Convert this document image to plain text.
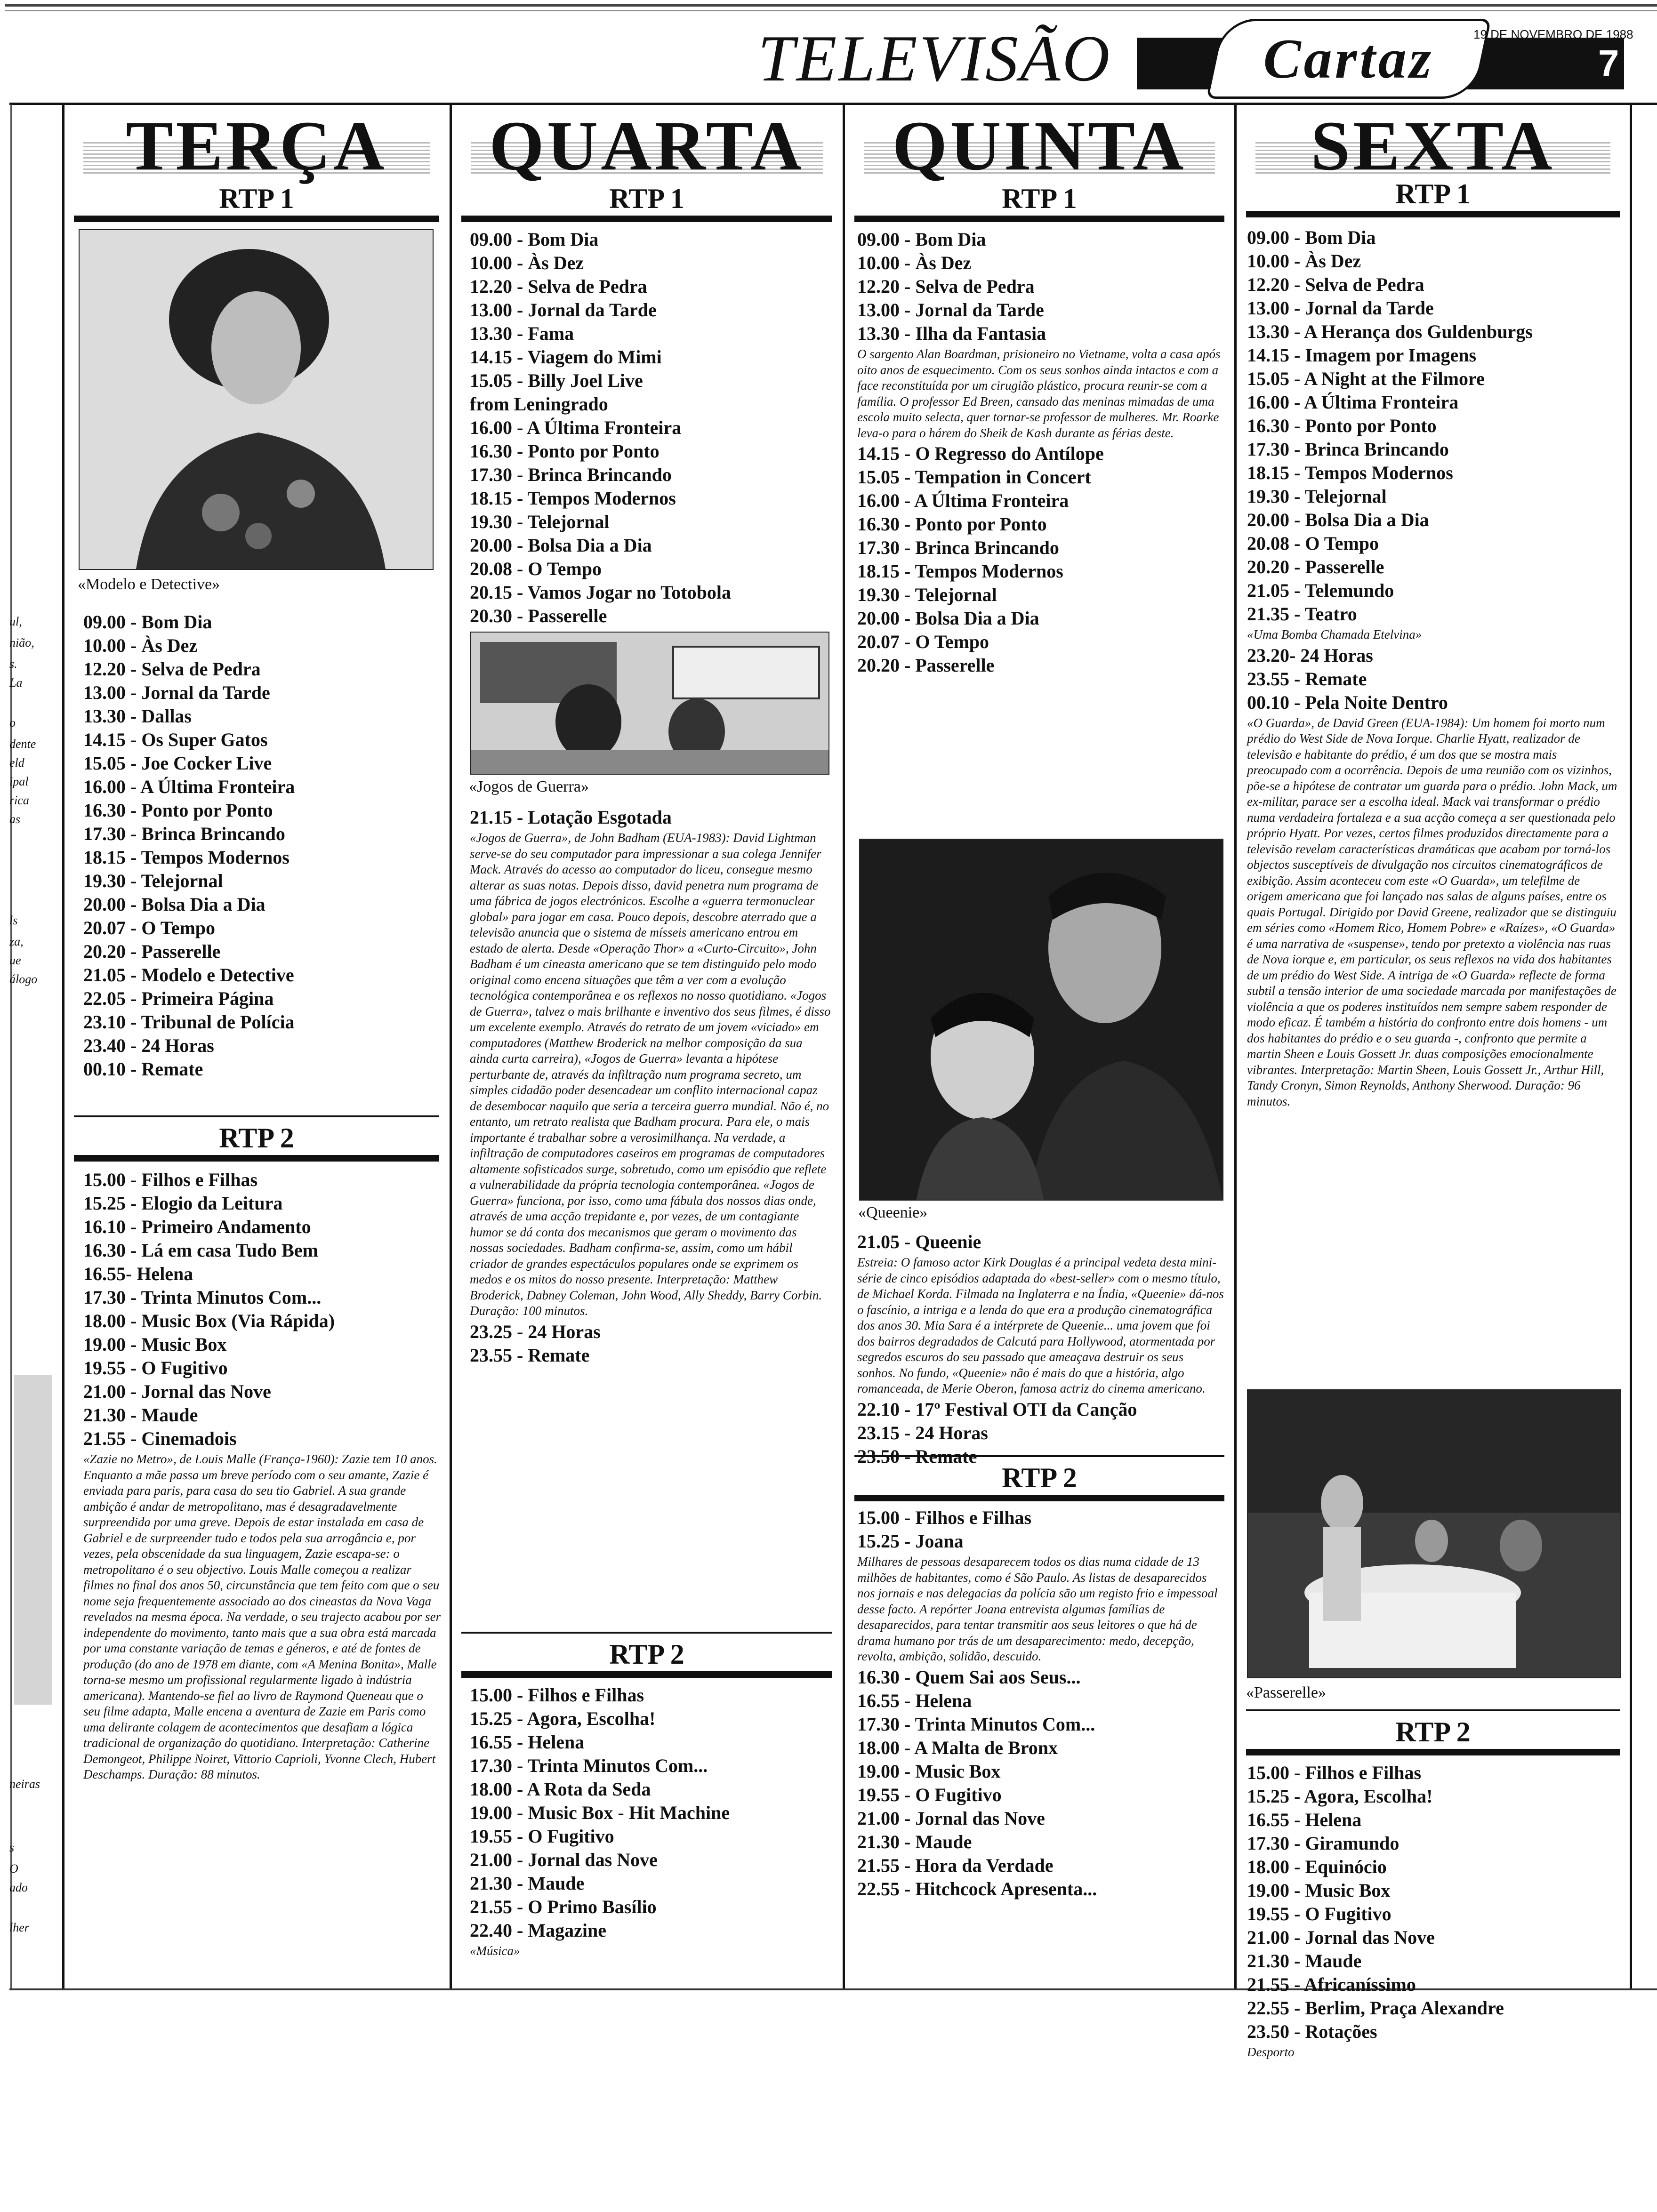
TELEVISÃO	Cartaz	19 DE NOVEMBRO DE 1988
7
ul,
nião,
s.
La
o
dente
eld
ipal
rica
as
ls
za,
ue
álogo
neiras
s
O
ado
lher
TERÇA
RTP 1
«Modelo e Detective»
09.00 - Bom Dia
10.00 - Às Dez
12.20 - Selva de Pedra
13.00 - Jornal da Tarde
13.30 - Dallas
14.15 - Os Super Gatos
15.05 - Joe Cocker Live
16.00 - A Última Fronteira
16.30 - Ponto por Ponto
17.30 - Brinca Brincando
18.15 - Tempos Modernos
19.30 - Telejornal
20.00 - Bolsa Dia a Dia
20.07 - O Tempo
20.20 - Passerelle
21.05 - Modelo e Detective
22.05 - Primeira Página
23.10 - Tribunal de Polícia
23.40 - 24 Horas
00.10 - Remate
RTP 2
15.00 - Filhos e Filhas
15.25 - Elogio da Leitura
16.10 - Primeiro Andamento
16.30 - Lá em casa Tudo Bem
16.55- Helena
17.30 - Trinta Minutos Com...
18.00 - Music Box (Via Rápida)
19.00 - Music Box
19.55 - O Fugitivo
21.00 - Jornal das Nove
21.30 - Maude
21.55 - Cinemadois
«Zazie no Metro», de Louis Malle (França-1960): Zazie tem 10 anos. Enquanto a mãe passa um breve período com o seu amante, Zazie é enviada para paris, para casa do seu tio Gabriel. A sua grande ambição é andar de metropolitano, mas é desagradavelmente surpreendida por uma greve. Depois de estar instalada em casa de Gabriel e de surpreender tudo e todos pela sua arrogância e, por vezes, pela obscenidade da sua linguagem, Zazie escapa-se: o metropolitano é o seu objectivo. Louis Malle começou a realizar filmes no final dos anos 50, circunstância que tem feito com que o seu nome seja frequentemente associado ao dos cineastas da Nova Vaga revelados na mesma época. Na verdade, o seu trajecto acabou por ser independente do movimento, tanto mais que a sua obra está marcada por uma constante variação de temas e géneros, e até de fontes de produção (do ano de 1978 em diante, com «A Menina Bonita», Malle torna-se mesmo um profissional regularmente ligado à indústria americana). Mantendo-se fiel ao livro de Raymond Queneau que o seu filme adapta, Malle encena a aventura de Zazie em Paris como uma delirante colagem de acontecimentos que desafiam a lógica tradicional de organização do quotidiano. Interpretação: Catherine Demongeot, Philippe Noiret, Vittorio Caprioli, Yvonne Clech, Hubert Deschamps. Duração: 88 minutos.
QUARTA
RTP 1
09.00 - Bom Dia
10.00 - Às Dez
12.20 - Selva de Pedra
13.00 - Jornal da Tarde
13.30 - Fama
14.15 - Viagem do Mimi
15.05 - Billy Joel Live
from Leningrado
16.00 - A Última Fronteira
16.30 - Ponto por Ponto
17.30 - Brinca Brincando
18.15 - Tempos Modernos
19.30 - Telejornal
20.00 - Bolsa Dia a Dia
20.08 - O Tempo
20.15 - Vamos Jogar no Totobola
20.30 - Passerelle
«Jogos de Guerra»
21.15 - Lotação Esgotada
«Jogos de Guerra», de John Badham (EUA-1983): David Lightman serve-se do seu computador para impressionar a sua colega Jennifer Mack. Através do acesso ao computador do liceu, consegue mesmo alterar as suas notas. Depois disso, david penetra num programa de uma fábrica de jogos electrónicos. Escolhe a «guerra termonuclear global» para jogar em casa. Pouco depois, descobre aterrado que a televisão anuncia que o sistema de mísseis americano entrou em estado de alerta. Desde «Operação Thor» a «Curto-Circuito», John Badham é um cineasta americano que se tem distinguido pelo modo original como encena situações que têm a ver com a evolução tecnológica contemporânea e os reflexos no nosso quotidiano. «Jogos de Guerra», talvez o mais brilhante e inventivo dos seus filmes, é disso um excelente exemplo. Através do retrato de um jovem «viciado» em computadores (Matthew Broderick na melhor composição da sua ainda curta carreira), «Jogos de Guerra» levanta a hipótese perturbante de, através da infiltração num programa secreto, um simples cidadão poder desencadear um conflito internacional capaz de desembocar naquilo que seria a terceira guerra mundial. Não é, no entanto, um retrato realista que Badham procura. Para ele, o mais importante é trabalhar sobre a verosimilhança. Na verdade, a infiltração de computadores caseiros em programas de computadores altamente sofisticados surge, sobretudo, como um episódio que reflete a vulnerabilidade da própria tecnologia contemporânea. «Jogos de Guerra» funciona, por isso, como uma fábula dos nossos dias onde, através de uma acção trepidante e, por vezes, de um contagiante humor se dá conta dos mecanismos que geram o movimento das nossas sociedades. Badham confirma-se, assim, como um hábil criador de grandes espectáculos populares onde se exprimem os medos e os mitos do nosso presente. Interpretação: Matthew Broderick, Dabney Coleman, John Wood, Ally Sheddy, Barry Corbin. Duração: 100 minutos.
23.25 - 24 Horas
23.55 - Remate
RTP 2
15.00 - Filhos e Filhas
15.25 - Agora, Escolha!
16.55 - Helena
17.30 - Trinta Minutos Com...
18.00 - A Rota da Seda
19.00 - Music Box - Hit Machine
19.55 - O Fugitivo
21.00 - Jornal das Nove
21.30 - Maude
21.55 - O Primo Basílio
22.40 - Magazine
«Música»
QUINTA
RTP 1
09.00 - Bom Dia
10.00 - Às Dez
12.20 - Selva de Pedra
13.00 - Jornal da Tarde
13.30 - Ilha da Fantasia
O sargento Alan Boardman, prisioneiro no Vietname, volta a casa após oito anos de esquecimento. Com os seus sonhos ainda intactos e com a face reconstituída por um cirugião plástico, procura reunir-se com a família. O professor Ed Breen, cansado das meninas mimadas de uma escola muito selecta, quer tornar-se professor de mulheres. Mr. Roarke leva-o para o hárem do Sheik de Kash durante as férias deste.
14.15 - O Regresso do Antílope
15.05 - Tempation in Concert
16.00 - A Última Fronteira
16.30 - Ponto por Ponto
17.30 - Brinca Brincando
18.15 - Tempos Modernos
19.30 - Telejornal
20.00 - Bolsa Dia a Dia
20.07 - O Tempo
20.20 - Passerelle
«Queenie»
21.05 - Queenie
Estreia: O famoso actor Kirk Douglas é a principal vedeta desta mini-série de cinco episódios adaptada do «best-seller» com o mesmo título, de Michael Korda. Filmada na Inglaterra e na Índia, «Queenie» dá-nos o fascínio, a intriga e a lenda do que era a produção cinematográfica dos anos 30. Mia Sara é a intérprete de Queenie... uma jovem que foi dos bairros degradados de Calcutá para Hollywood, atormentada por segredos escuros do seu passado que ameaçava destruir os seus sonhos. No fundo, «Queenie» não é mais do que a história, algo romanceada, de Merie Oberon, famosa actriz do cinema americano.
22.10 - 17º Festival OTI da Canção
23.15 - 24 Horas
23.50 - Remate
RTP 2
15.00 - Filhos e Filhas
15.25 - Joana
Milhares de pessoas desaparecem todos os dias numa cidade de 13 milhões de habitantes, como é São Paulo. As listas de desaparecidos nos jornais e nas delegacias da polícia são um registo frio e impessoal desse facto. A repórter Joana entrevista algumas famílias de desaparecidos, para tentar transmitir aos seus leitores o que há de drama humano por trás de um desaparecimento: medo, decepção, revolta, ambição, solidão, descuido.
16.30 - Quem Sai aos Seus...
16.55 - Helena
17.30 - Trinta Minutos Com...
18.00 - A Malta de Bronx
19.00 - Music Box
19.55 - O Fugitivo
21.00 - Jornal das Nove
21.30 - Maude
21.55 - Hora da Verdade
22.55 - Hitchcock Apresenta...
SEXTA
RTP 1
09.00 - Bom Dia
10.00 - Às Dez
12.20 - Selva de Pedra
13.00 - Jornal da Tarde
13.30 - A Herança dos Guldenburgs
14.15 - Imagem por Imagens
15.05 - A Night at the Filmore
16.00 - A Última Fronteira
16.30 - Ponto por Ponto
17.30 - Brinca Brincando
18.15 - Tempos Modernos
19.30 - Telejornal
20.00 - Bolsa Dia a Dia
20.08 - O Tempo
20.20 - Passerelle
21.05 - Telemundo
21.35 - Teatro
«Uma Bomba Chamada Etelvina»
23.20- 24 Horas
23.55 - Remate
00.10 - Pela Noite Dentro
«O Guarda», de David Green (EUA-1984): Um homem foi morto num prédio do West Side de Nova Iorque. Charlie Hyatt, realizador de televisão e habitante do prédio, é um dos que se mostra mais preocupado com a ocorrência. Depois de uma reunião com os vizinhos, põe-se a hipótese de contratar um guarda para o prédio. John Mack, um ex-militar, parace ser a escolha ideal. Mack vai transformar o prédio numa verdadeira fortaleza e a sua acção começa a ser questionada pelo próprio Hyatt. Por vezes, certos filmes produzidos directamente para a televisão revelam características dramáticas que acabam por torná-los objectos susceptíveis de divulgação nos circuitos cinematográficos de exibição. Assim aconteceu com este «O Guarda», um telefilme de origem americana que foi lançado nas salas de alguns países, entre os quais Portugal. Dirigido por David Greene, realizador que se distinguiu em séries como «Homem Rico, Homem Pobre» e «Raízes», «O Guarda» é uma narrativa de «suspense», tendo por pretexto a violência nas ruas de Nova iorque e, em particular, os seus reflexos na vida dos habitantes de um prédio do West Side. A intriga de «O Guarda» reflecte de forma subtil a tensão interior de uma sociedade marcada por manifestações de violência a que os poderes instituídos nem sempre sabem responder de modo eficaz. É também a história do confronto entre dois homens - um dos habitantes do prédio e o seu guarda -, confronto que permite a martin Sheen e Louis Gossett Jr. duas composições emocionalmente vibrantes. Interpretação: Martin Sheen, Louis Gossett Jr., Arthur Hill, Tandy Cronyn, Simon Reynolds, Anthony Sherwood. Duração: 96 minutos.
«Passerelle»
RTP 2
15.00 - Filhos e Filhas
15.25 - Agora, Escolha!
16.55 - Helena
17.30 - Giramundo
18.00 - Equinócio
19.00 - Music Box
19.55 - O Fugitivo
21.00 - Jornal das Nove
21.30 - Maude
21.55 - Africaníssimo
22.55 - Berlim, Praça Alexandre
23.50 - Rotações
Desporto
